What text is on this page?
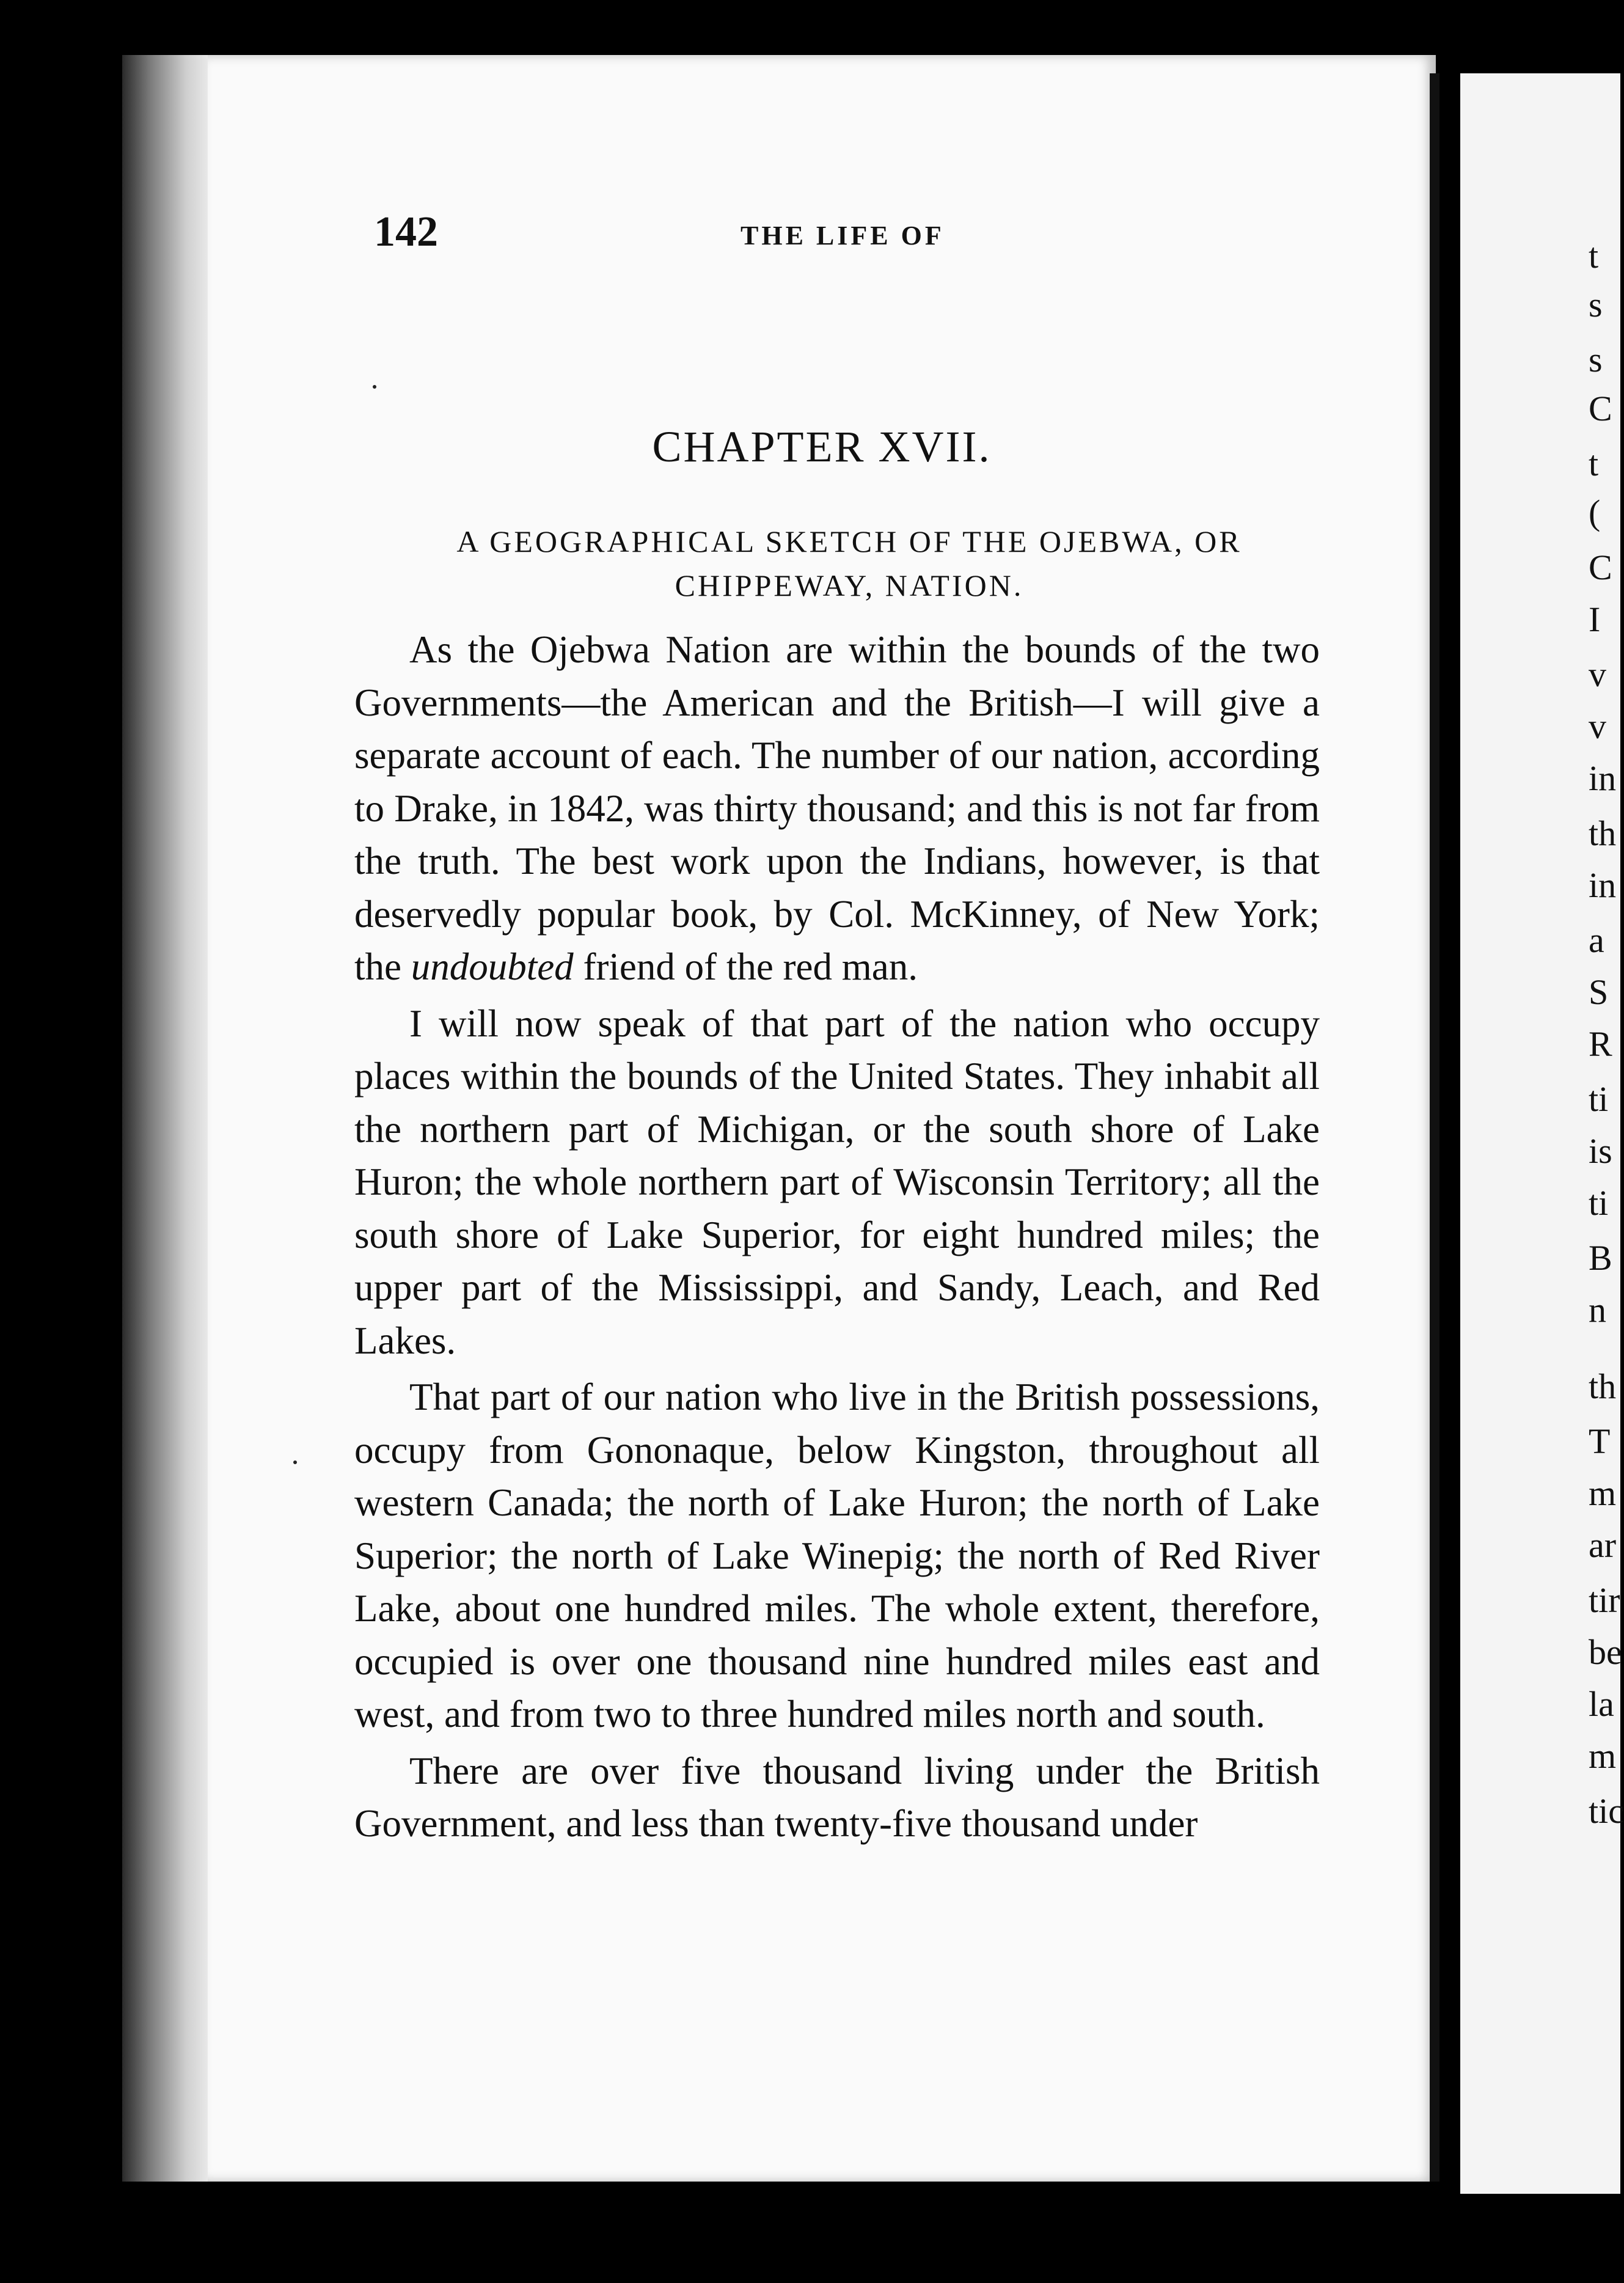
t
s
s
C
t
(
C
I
v
v
in
th
in
a
S
R
ti
is
ti
B
n
th
T
m
ar
tir
be
la
m
tic
142	THE LIFE OF
CHAPTER XVII.
A GEOGRAPHICAL SKETCH OF THE OJEBWA, OR
CHIPPEWAY, NATION.

As the Ojebwa Nation are within the bounds of the two Governments—the American and the British—I will give a separate account of each. The number of our nation, according to Drake, in 1842, was thirty thousand; and this is not far from the truth. The best work upon the Indians, however, is that deservedly popular book, by Col. McKinney, of New York; the undoubted friend of the red man.

I will now speak of that part of the nation who occupy places within the bounds of the United States. They inhabit all the northern part of Michigan, or the south shore of Lake Huron; the whole northern part of Wisconsin Territory; all the south shore of Lake Superior, for eight hundred miles; the upper part of the Mississippi, and Sandy, Leach, and Red Lakes.

That part of our nation who live in the British possessions, occupy from Gononaque, below Kingston, throughout all western Canada; the north of Lake Huron; the north of Lake Superior; the north of Lake Winepig; the north of Red River Lake, about one hundred miles. The whole extent, therefore, occupied is over one thousand nine hundred miles east and west, and from two to three hundred miles north and south.

There are over five thousand living under the British Government, and less than twenty-five thousand under
